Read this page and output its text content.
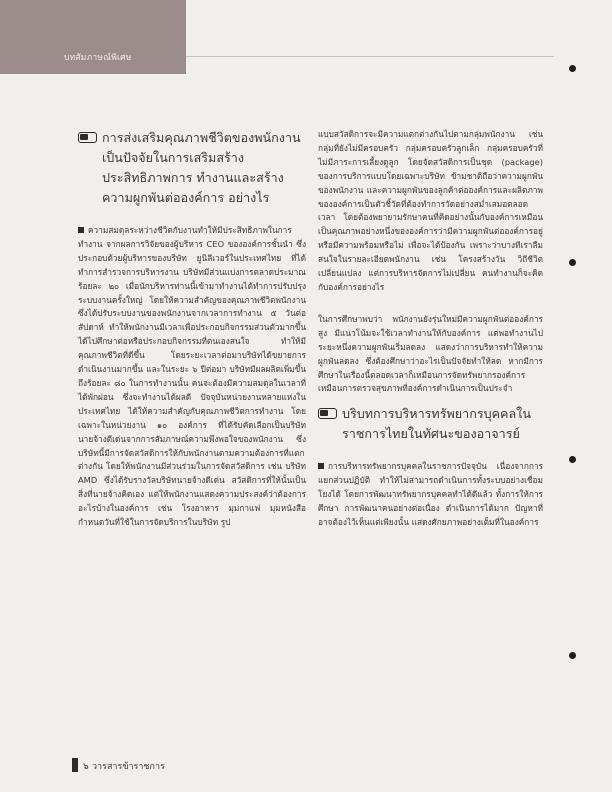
บทสัมภาษณ์พิเศษ
การส่งเสริมคุณภาพชีวิตของพนักงาน เป็นปัจจัยในการเสริมสร้างประสิทธิภาพการ ทำงานและสร้างความผูกพันต่อองค์การ อย่างไร

ความสมดุลระหว่างชีวิตกับงานทำให้มีประสิทธิภาพในการทำงาน จากผลการวิจัยของผู้บริหาร CEO ขององค์การชั้นนำ ซึ่งประกอบด้วยผู้บริหารของบริษัท ยูนิลีเวอร์ในประเทศไทย ที่ได้ทำการสำรวจการบริหารงาน บริษัทมีส่วนแบ่งการตลาดประมาณร้อยละ ๒๐ เมื่อนักบริหารท่านนี้เข้ามาทำงานได้ทำการปรับปรุงระบบงานครั้งใหญ่ โดยให้ความสำคัญของคุณภาพชีวิตพนักงาน ซึ่งได้ปรับระบบงานของพนักงานจากเวลาการทำงาน ๕ วันต่อสัปดาห์ ทำให้พนักงานมีเวลาเพื่อประกอบกิจกรรมส่วนตัวมากขึ้น ได้ไปศึกษาต่อหรือประกอบกิจกรรมที่ตนเองสนใจ ทำให้มีคุณภาพชีวิตที่ดีขึ้น โดยระยะเวลาต่อมาบริษัทได้ขยายการดำเนินงานมากขึ้น และในระยะ ๖ ปีต่อมา บริษัทมีผลผลิตเพิ่มขึ้นถึงร้อยละ ๘๐ ในการทำงานนั้น คนจะต้องมีความสมดุลในเวลาที่ได้พักผ่อน ซึ่งจะทำงานได้ผลดี ปัจจุบันหน่วยงานหลายแห่งในประเทศไทย ได้ให้ความสำคัญกับคุณภาพชีวิตการทำงาน โดยเฉพาะในหน่วยงาน ๑๐ องค์การ ที่ได้รับคัดเลือกเป็นบริษัทนายจ้างดีเด่นจากการสัมภาษณ์ความพึงพอใจของพนักงาน ซึ่งบริษัทนี้มีการจัดสวัสดิการให้กับพนักงานตามความต้องการที่แตกต่างกัน โดยให้พนักงานมีส่วนร่วมในการจัดสวัสดิการ เช่น บริษัท AMD ซึ่งได้รับรางวัลบริษัทนายจ้างดีเด่น สวัสดิการที่ให้นั้นเป็นสิ่งที่นายจ้างคิดเอง แต่ให้พนักงานแสดงความประสงค์ว่าต้องการอะไรบ้างในองค์การ เช่น โรงอาหาร มุมกาแฟ มุมหนังสือ กำหนดวันที่ใช้ในการจัดบริการในบริษัท รูป

แบบสวัสดิการจะมีความแตกต่างกันไปตามกลุ่มพนักงาน เช่น กลุ่มที่ยังไม่มีครอบครัว กลุ่มครอบครัวลูกเล็ก กลุ่มครอบครัวที่ไม่มีภาระการเลี้ยงดูลูก โดยจัดสวัสดิการเป็นชุด (package) ของการบริการแบบโดยเฉพาะบริษัท ข้ามชาติถือว่าความผูกพันของพนักงาน และความผูกพันของลูกค้าต่อองค์การและผลิตภาพขององค์การเป็นตัวชี้วัดที่ต้องทำการวัดอย่างสม่ำเสมอตลอดเวลา โดยต้องพยายามรักษาคนที่คิดอย่างนั้นกับองค์การเหมือนเป็นคุณภาพอย่างหนึ่งขององค์การว่ามีความผูกพันต่อองค์การอยู่ หรือมีความพร้อมหรือไม่ เพื่อจะได้ป้องกัน เพราะว่าบางทีเราลืมสนใจในรายละเอียดพนักงาน เช่น โครงสร้างวัน วิถีชีวิต เปลี่ยนแปลง แต่การบริหารจัดการไม่เปลี่ยน คนทำงานก็จะคิดกับองค์การอย่างไร

ในการศึกษาพบว่า พนักงานยังรุ่นใหม่มีความผูกพันต่อองค์การสูง มีแนวโน้มจะใช้เวลาทำงานให้กับองค์การ แต่พอทำงานไประยะหนึ่งความผูกพันเริ่มลดลง แสดงว่าการบริหารทำให้ความผูกพันลดลง ซึ่งต้องศึกษาว่าอะไรเป็นปัจจัยทำให้ลด หากมีการศึกษาในเรื่องนี้ตลอดเวลาก็เหมือนการจัดทรัพยากรองค์การ เหมือนการตรวจสุขภาพที่องค์การดำเนินการเป็นประจำ

บริบทการบริหารทรัพยากรบุคคลใน ราชการไทยในทัศนะของอาจารย์

การบริหารทรัพยากรบุคคลในราชการปัจจุบัน เนื่องจากการแยกส่วนปฏิบัติ ทำให้ไม่สามารถดำเนินการทั้งระบบอย่างเชื่อมโยงได้ โดยการพัฒนาทรัพยากรบุคคลทำได้ดีแล้ว ทั้งการให้การศึกษา การพัฒนาคนอย่างต่อเนื่อง ดำเนินการได้มาก ปัญหาที่อาจต้องไว้เห็นแต่เพียงนั้น แสดงศักยภาพอย่างเต็มที่ในองค์การ

๖ วารสารข้าราชการ
